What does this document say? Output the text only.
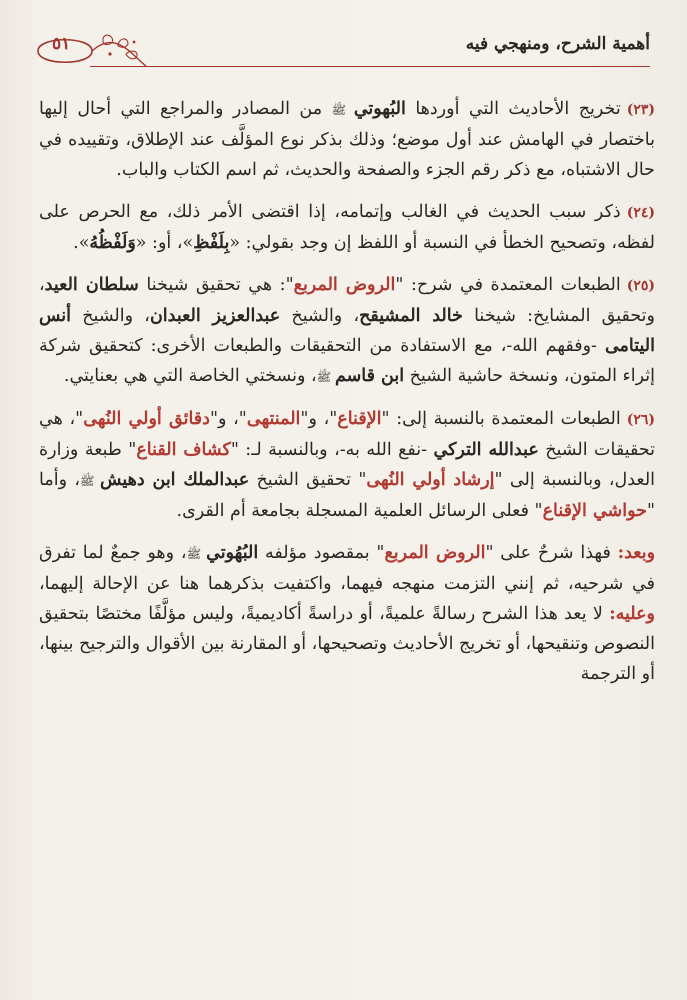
أهمية الشرح، ومنهجي فيه
٥١

(٢٣)تخريج الأحاديث التي أوردها البُهوتي ﷺ من المصادر والمراجع التي أحال إليها باختصار في الهامش عند أول موضع؛ وذلك بذكر نوع المؤلَّف عند الإطلاق، وتقييده في حال الاشتباه، مع ذكر رقم الجزء والصفحة والحديث، ثم اسم الكتاب والباب.

(٢٤)ذكر سبب الحديث في الغالب وإتمامه، إذا اقتضى الأمر ذلك، مع الحرص على لفظه، وتصحيح الخطأ في النسبة أو اللفظ إن وجد بقولي: «بِلَفْظِ»، أو: «وَلَفْظُهُ».

(٢٥)الطبعات المعتمدة في شرح: "الروض المربع": هي تحقيق شيخنا سلطان العيد، وتحقيق المشايخ: شيخنا خالد المشيقح، والشيخ عبدالعزيز العبدان، والشيخ أنس اليتامى -وفقهم الله-، مع الاستفادة من التحقيقات والطبعات الأخرى: كتحقيق شركة إثراء المتون، ونسخة حاشية الشيخ ابن قاسم ﷺ، ونسختي الخاصة التي هي بعنايتي.

(٢٦)الطبعات المعتمدة بالنسبة إلى: "الإقناع"، و"المنتهى"، و"دقائق أولي النُهى"، هي تحقيقات الشيخ عبدالله التركي -نفع الله به-، وبالنسبة لـ: "كشاف القناع" طبعة وزارة العدل، وبالنسبة إلى "إرشاد أولي النُهى" تحقيق الشيخ عبدالملك ابن دهيش ﷺ، وأما "حواشي الإقناع" فعلى الرسائل العلمية المسجلة بجامعة أم القرى.

وبعد: فهذا شرحٌ على "الروض المربع" بمقصود مؤلفه البُهُوتي ﷺ، وهو جمعٌ لما تفرق في شرحيه، ثم إنني التزمت منهجه فيهما، واكتفيت بذكرهما هنا عن الإحالة إليهما، وعليه: لا يعد هذا الشرح رسالةً علميةً، أو دراسةً أكاديميةً، وليس مؤلَّفًا مختصًا بتحقيق النصوص وتنقيحها، أو تخريج الأحاديث وتصحيحها، أو المقارنة بين الأقوال والترجيح بينها، أو الترجمة
